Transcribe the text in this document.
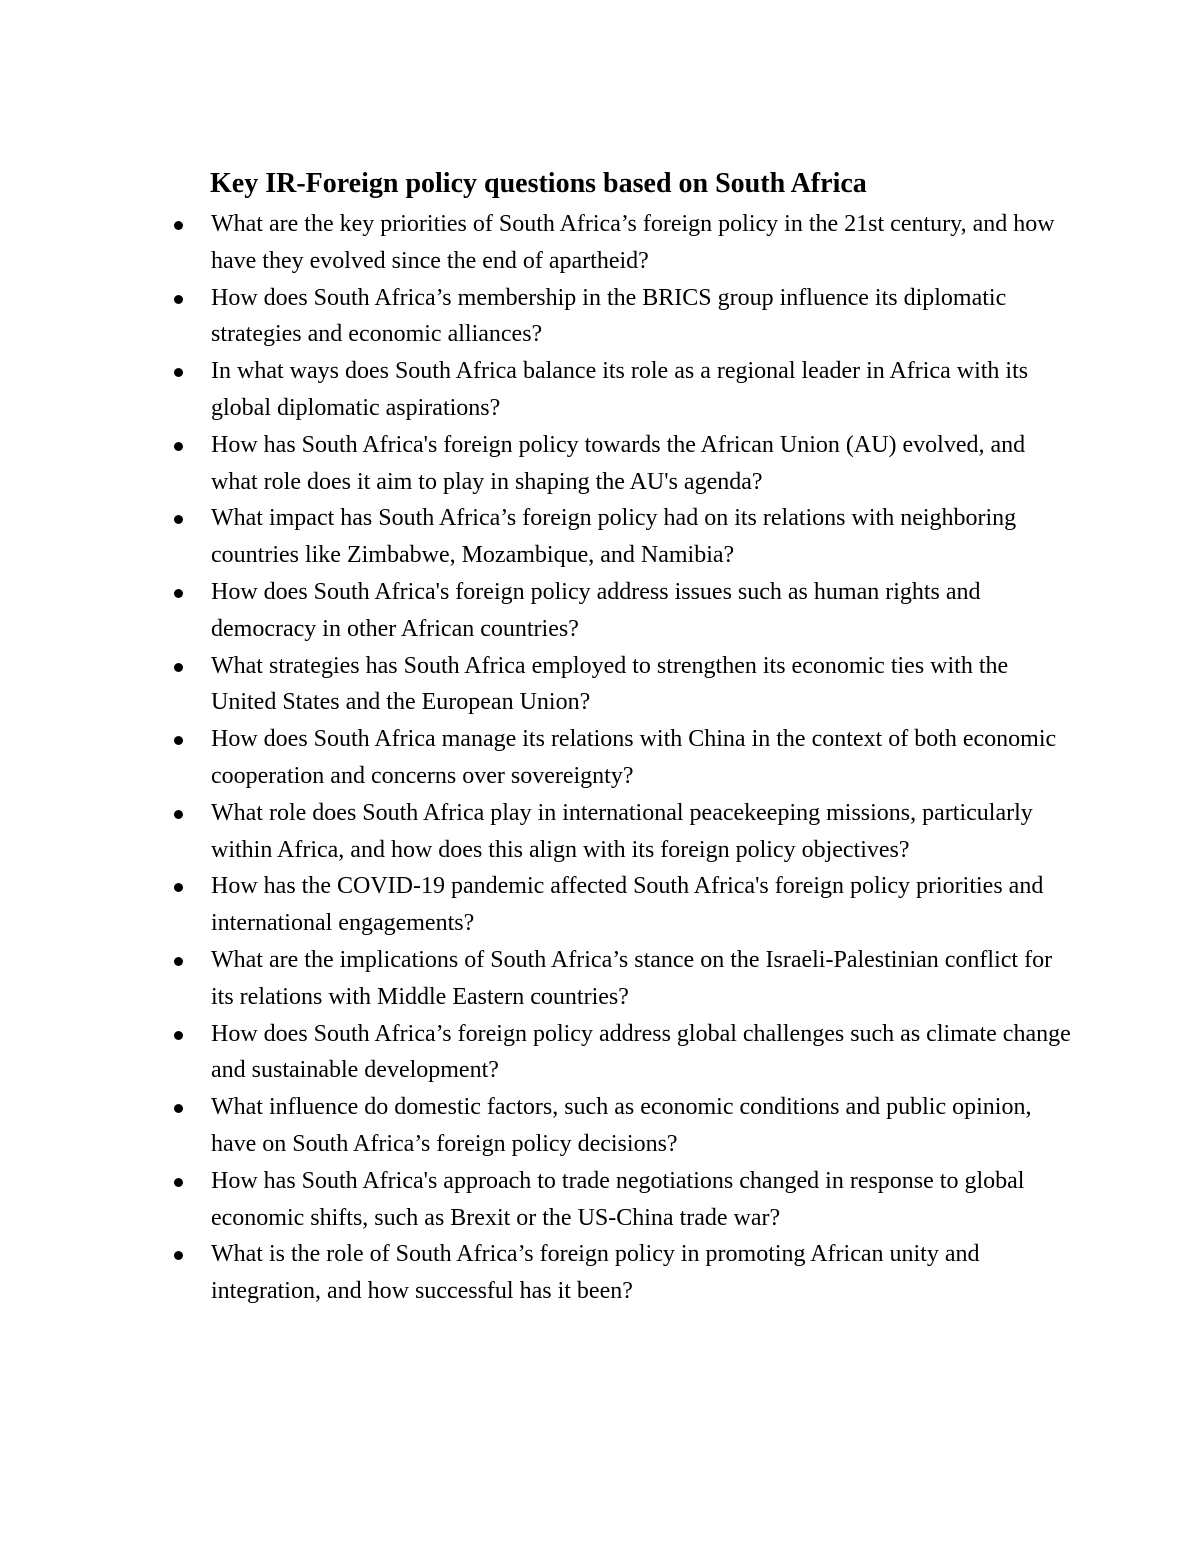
Key IR-Foreign policy questions based on South Africa
What are the key priorities of South Africa’s foreign policy in the 21st century, and how have they evolved since the end of apartheid?
How does South Africa’s membership in the BRICS group influence its diplomatic strategies and economic alliances?
In what ways does South Africa balance its role as a regional leader in Africa with its global diplomatic aspirations?
How has South Africa's foreign policy towards the African Union (AU) evolved, and what role does it aim to play in shaping the AU's agenda?
What impact has South Africa’s foreign policy had on its relations with neighboring countries like Zimbabwe, Mozambique, and Namibia?
How does South Africa's foreign policy address issues such as human rights and democracy in other African countries?
What strategies has South Africa employed to strengthen its economic ties with the United States and the European Union?
How does South Africa manage its relations with China in the context of both economic cooperation and concerns over sovereignty?
What role does South Africa play in international peacekeeping missions, particularly within Africa, and how does this align with its foreign policy objectives?
How has the COVID-19 pandemic affected South Africa's foreign policy priorities and international engagements?
What are the implications of South Africa’s stance on the Israeli-Palestinian conflict for its relations with Middle Eastern countries?
How does South Africa’s foreign policy address global challenges such as climate change and sustainable development?
What influence do domestic factors, such as economic conditions and public opinion, have on South Africa’s foreign policy decisions?
How has South Africa's approach to trade negotiations changed in response to global economic shifts, such as Brexit or the US-China trade war?
What is the role of South Africa’s foreign policy in promoting African unity and integration, and how successful has it been?
